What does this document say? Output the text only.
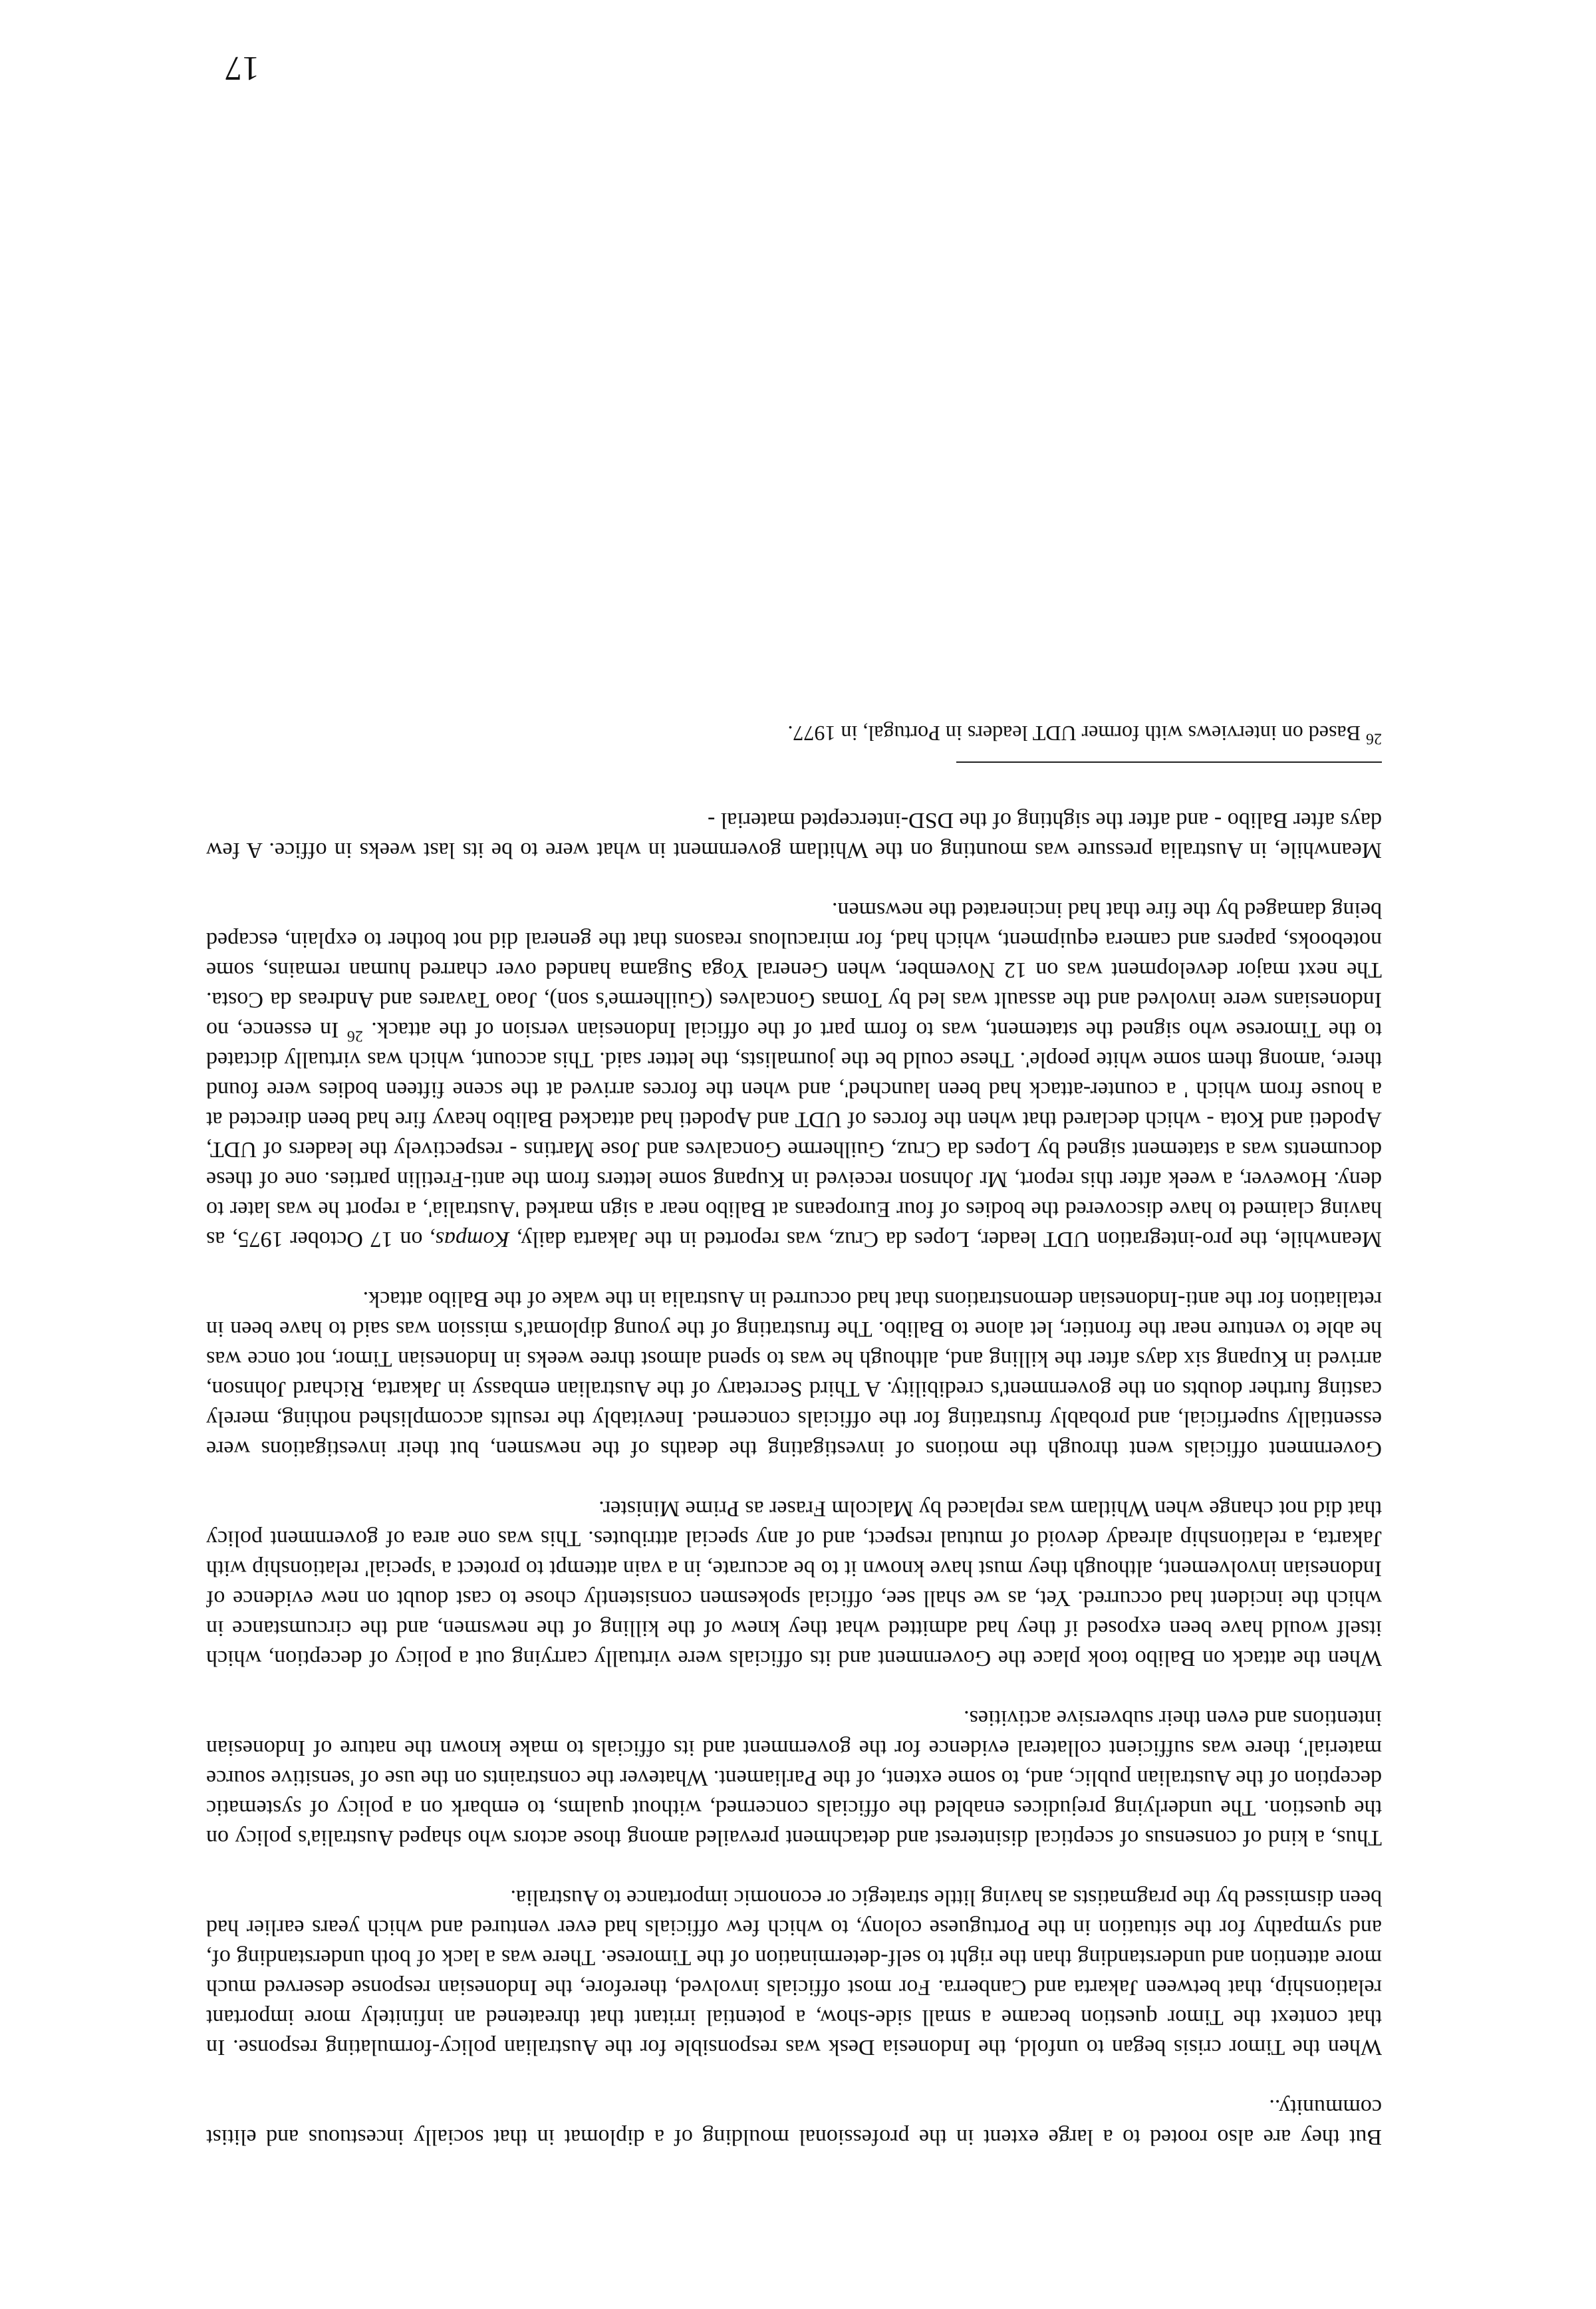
But they are also rooted to a large extent in the professional moulding of a diplomat in that socially incestuous and elitist community..

When the Timor crisis began to unfold, the Indonesia Desk was responsible for the Australian policy-formulating response. In that context the Timor question became a small side-show, a potential irritant that threatened an infinitely more important relationship, that between Jakarta and Canberra. For most officials involved, therefore, the Indonesian response deserved much more attention and understanding than the right to self-determination of the Timorese. There was a lack of both understanding of, and sympathy for the situation in the Portuguese colony, to which few officials had ever ventured and which years earlier had been dismissed by the pragmatists as having little strategic or economic importance to Australia.

Thus, a kind of consensus of sceptical disinterest and detachment prevailed among those actors who shaped Australia's policy on the question. The underlying prejudices enabled the officials concerned, without qualms, to embark on a policy of systematic deception of the Australian public, and, to some extent, of the Parliament. Whatever the constraints on the use of 'sensitive source material', there was sufficient collateral evidence for the government and its officials to make known the nature of Indonesian intentions and even their subversive activities.

When the attack on Balibo took place the Government and its officials were virtually carrying out a policy of deception, which itself would have been exposed if they had admitted what they knew of the killing of the newsmen, and the circumstance in which the incident had occurred. Yet, as we shall see, official spokesmen consistently chose to cast doubt on new evidence of Indonesian involvement, although they must have known it to be accurate, in a vain attempt to protect a 'special' relationship with Jakarta, a relationship already devoid of mutual respect, and of any special attributes. This was one area of government policy that did not change when Whitlam was replaced by Malcolm Fraser as Prime Minister.

Government officials went through the motions of investigating the deaths of the newsmen, but their investigations were essentially superficial, and probably frustrating for the officials concerned. Inevitably the results accomplished nothing, merely casting further doubts on the government's credibility. A Third Secretary of the Australian embassy in Jakarta, Richard Johnson, arrived in Kupang six days after the killing and, although he was to spend almost three weeks in Indonesian Timor, not once was he able to venture near the frontier, let alone to Balibo. The frustrating of the young diplomat's mission was said to have been in retaliation for the anti-Indonesian demonstrations that had occurred in Australia in the wake of the Balibo attack.

Meanwhile, the pro-integration UDT leader, Lopes da Cruz, was reported in the Jakarta daily, Kompas, on 17 October 1975, as having claimed to have discovered the bodies of four Europeans at Balibo near a sign marked 'Australia', a report he was later to deny. However, a week after this report, Mr Johnson received in Kupang some letters from the anti-Fretilin parties. one of these documents was a statement signed by Lopes da Cruz, Guilherme Goncalves and Jose Martins - respectively the leaders of UDT, Apodeti and Kota - which declared that when the forces of UDT and Apodeti had attacked Balibo heavy fire had been directed at a house from which ' a counter-attack had been launched', and when the forces arrived at the scene fifteen bodies were found there, 'among them some white people'. These could be the journalists, the letter said. This account, which was virtually dictated to the Timorese who signed the statement, was to form part of the official Indonesian version of the attack. $^{26}$ In essence, no Indonesians were involved and the assault was led by Tomas Goncalves (Guilherme's son), Joao Tavares and Andreas da Costa. The next major development was on 12 November, when General Yoga Sugama handed over charred human remains, some notebooks, papers and camera equipment, which had, for miraculous reasons that the general did not bother to explain, escaped being damaged by the fire that had incinerated the newsmen.

Meanwhile, in Australia pressure was mounting on the Whitlam government in what were to be its last weeks in office. A few days after Balibo - and after the sighting of the DSD-intercepted material -

$^{26}$ Based on interviews with former UDT leaders in Portugal, in 1977.

17
